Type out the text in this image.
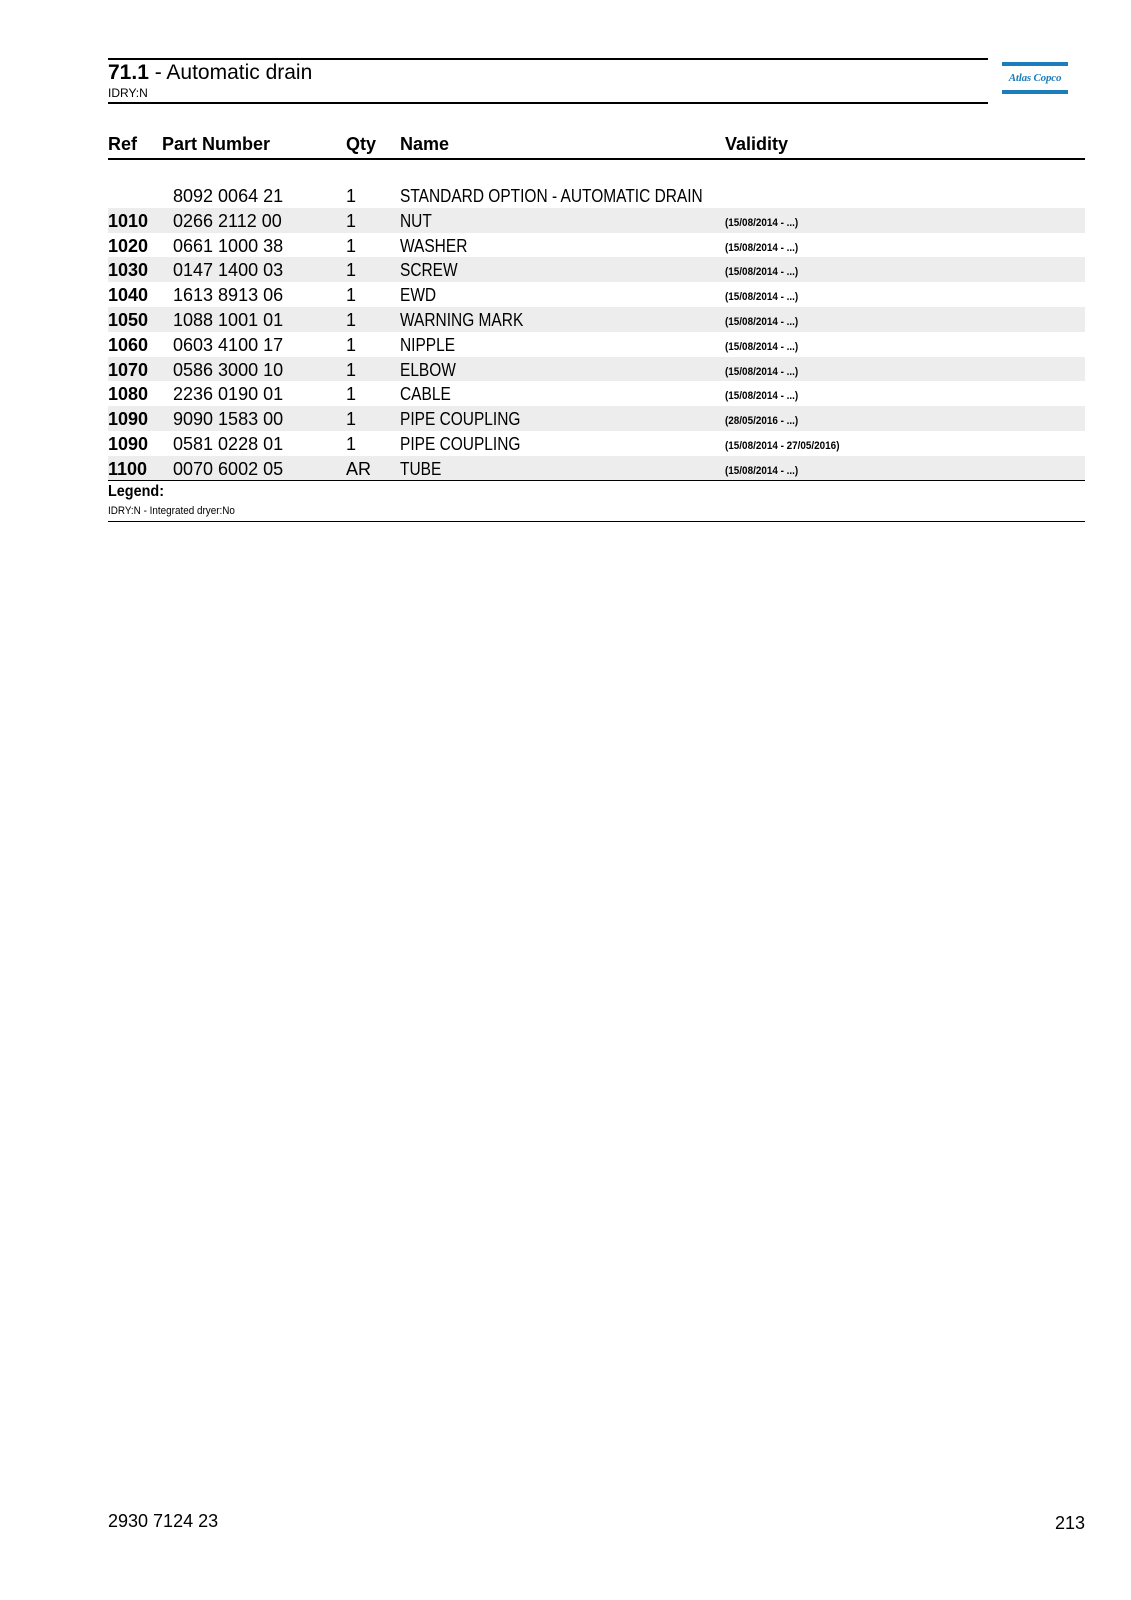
71.1 - Automatic drain
IDRY:N
Atlas Copco
Ref Part Number	Qty Name	Validity
8092 0064 21	1 STANDARD OPTION - AUTOMATIC DRAIN
1010 0266 2112 00	1 NUT	(15/08/2014 - ...)
1020 0661 1000 38	1 WASHER	(15/08/2014 - ...)
1030 0147 1400 03	1 SCREW	(15/08/2014 - ...)
1040 1613 8913 06	1 EWD	(15/08/2014 - ...)
1050 1088 1001 01	1 WARNING MARK	(15/08/2014 - ...)
1060 0603 4100 17	1 NIPPLE	(15/08/2014 - ...)
1070 0586 3000 10	1 ELBOW	(15/08/2014 - ...)
1080 2236 0190 01	1 CABLE	(15/08/2014 - ...)
1090 9090 1583 00	1 PIPE COUPLING	(28/05/2016 - ...)
1090 0581 0228 01	1 PIPE COUPLING	(15/08/2014 - 27/05/2016)
1100 0070 6002 05	AR TUBE	(15/08/2014 - ...)
Legend:
IDRY:N - Integrated dryer:No
2930 7124 23	213
